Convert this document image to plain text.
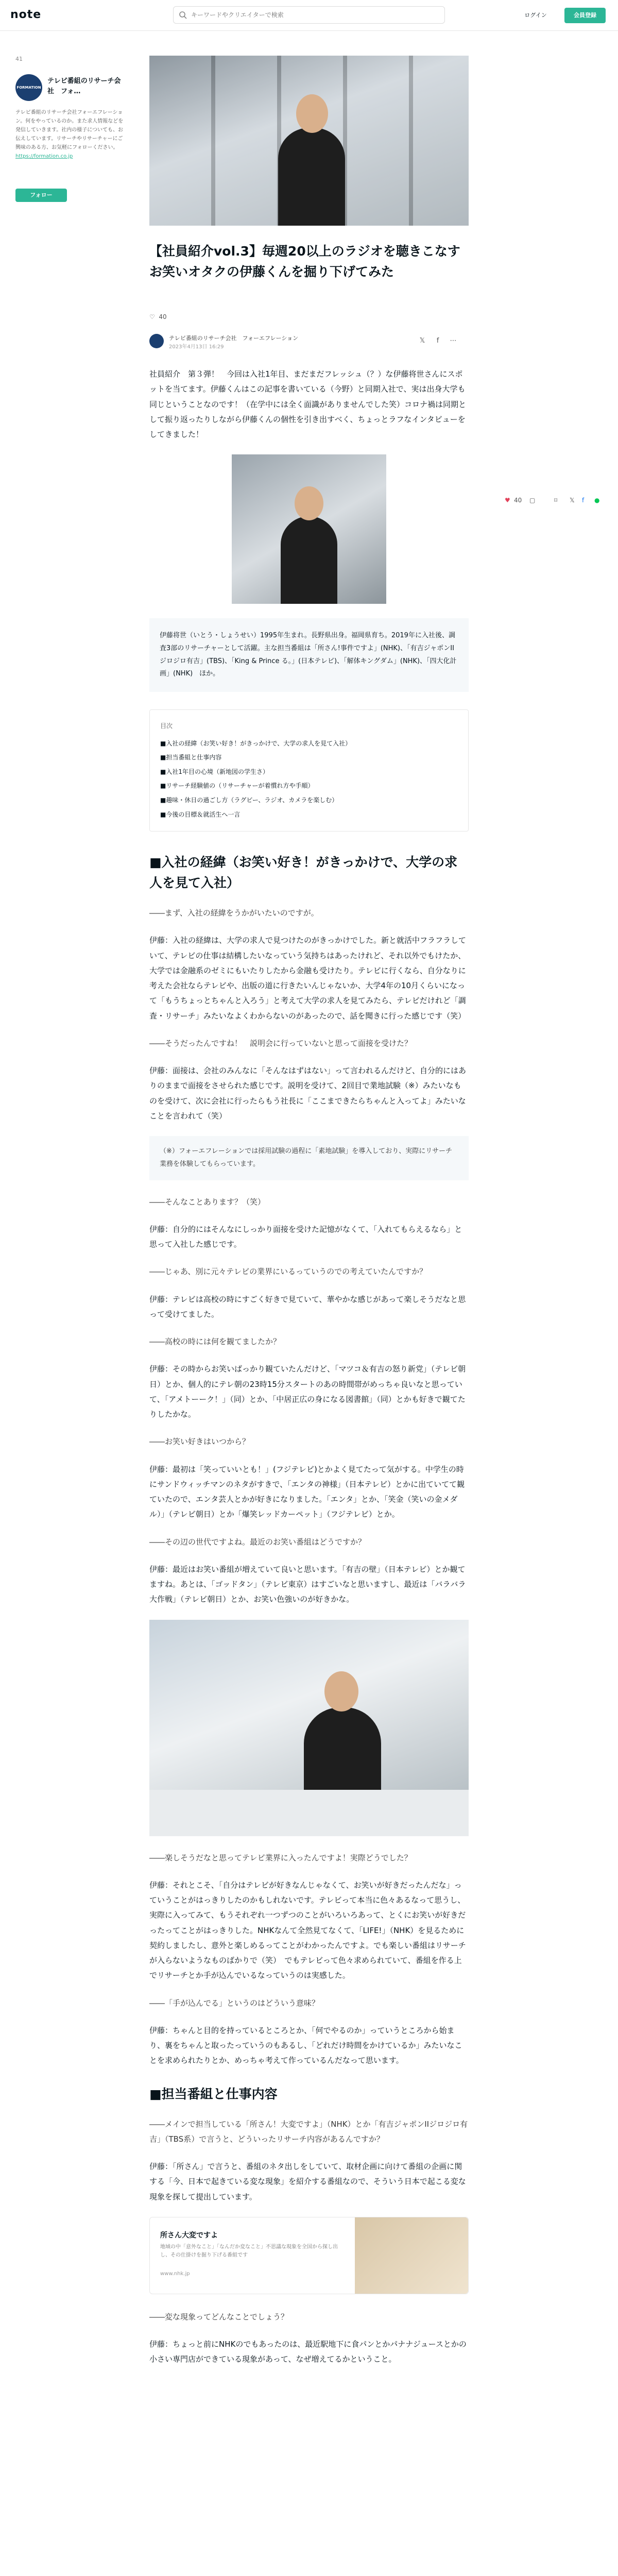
note
キーワードやクリエイターで検索	ログイン	会員登録
41
FORMATION
テレビ番組のリサーチ会社　フォ…
テレビ番組のリサーチ会社フォーエフレーション。何をやっているのか。また求人情報などを発信していきます。社内の様子についても、お伝えしています。リサーチやリサーチャーにご興味のある方、お気軽にフォローください。
https://formation.co.jp
フォロー
【社員紹介vol.3】毎週20以上のラジオを聴きこなすお笑いオタクの伊藤くんを掘り下げてみた
♡ 40
テレビ番組のリサーチ会社　フォーエフレーション
2023年4月13日 16:29
𝕏 f ⋯

社員紹介　第３弾！　今回は入社1年目、まだまだフレッシュ（？）な伊藤将世さんにスポットを当てます。伊藤くんはこの記事を書いている（今野）と同期入社で、実は出身大学も同じということなのです！（在学中には全く面識がありませんでした笑）コロナ禍は同期として振り返ったりしながら伊藤くんの個性を引き出すべく、ちょっとラフなインタビューをしてきました！

伊藤将世（いとう・しょうせい）1995年生まれ。長野県出身。福岡県育ち。2019年に入社後、調査3部のリサーチャーとして活躍。主な担当番組は「所さん!事件ですよ」(NHK)、「有吉ジャポンIIジロジロ有吉」(TBS)、「King & Prince る。」(日本テレビ)、「解体キングダム」(NHK)、「四大化計画」(NHK)　ほか。
目次
■入社の経緯（お笑い好き！がきっかけで、大学の求人を見て入社）
■担当番組と仕事内容
■入社1年目の心境（新地図の学生さ）
■リサーチ経験値の（リサーチャーが着慣れ方や手順）
■趣味・休日の過ごし方（ラグビー、ラジオ、カメラを楽しむ）
■今後の目標＆就活生へ一言
■入社の経緯（お笑い好き！がきっかけで、大学の求人を見て入社）

――まず、入社の経緯をうかがいたいのですが。

伊藤：入社の経緯は、大学の求人で見つけたのがきっかけでした。新と就活中フラフラしていて、テレビの仕事は結構したいなっていう気持ちはあったけれど、それ以外でもけたか、大学では金融系のゼミにもいたりしたから金融も受けたり。テレビに行くなら、自分なりに考えた会社ならテレビや、出版の道に行きたいんじゃないか、大学4年の10月くらいになって「もうちょっとちゃんと入ろう」と考えて大学の求人を見てみたら、テレビだけれど「調査・リサーチ」みたいなよくわからないのがあったので、話を聞きに行った感じです（笑）

――そうだったんですね！　説明会に行っていないと思って面接を受けた？

伊藤：面接は、会社のみんなに「そんなはずはない」って言われるんだけど、自分的にはありのままで面接をさせられた感じです。説明を受けて、2回目で業地試験（※）みたいなものを受けて、次に会社に行ったらもう社長に「ここまできたらちゃんと入ってよ」みたいなことを言われて（笑）

（※）フォーエフレーションでは採用試験の過程に「素地試験」を導入しており、実際にリサーチ業務を体験してもらっています。

――そんなことあります？（笑）

伊藤：自分的にはそんなにしっかり面接を受けた記憶がなくて、「入れてもらえるなら」と思って入社した感じです。

――じゃあ、別に元々テレビの業界にいるっていうのでの考えていたんですか？

伊藤：テレビは高校の時にすごく好きで見ていて、華やかな感じがあって楽しそうだなと思って受けてました。

――高校の時には何を観てましたか？

伊藤：その時からお笑いばっかり観ていたんだけど、「マツコ＆有吉の怒り新党」（テレビ朝日）とか、個人的にテレ朝の23時15分スタートのあの時間帯がめっちゃ良いなと思っていて、「アメトーーク！」（同）とか、「中居正広の身になる図書館」（同）とかも好きで観てたりしたかな。

――お笑い好きはいつから？

伊藤：最初は「笑っていいとも！」(フジテレビ)とかよく見てたって気がする。中学生の時にサンドウィッチマンのネタがすきで、「エンタの神様」（日本テレビ）とかに出ていてて観ていたので、エンタ芸人とかが好きになりました。「エンタ」とか、「笑金（笑いの金メダル）」（テレビ朝日）とか「爆笑レッドカーペット」（フジテレビ）とか。

――その辺の世代ですよね。最近のお笑い番組はどうですか？

伊藤：最近はお笑い番組が増えていて良いと思います。「有吉の壁」（日本テレビ）とか観てますね。あとは、「ゴッドタン」（テレビ東京）はすごいなと思いますし、最近は「バラバラ大作戦」（テレビ朝日）とか、お笑い色強いのが好きかな。

――楽しそうだなと思ってテレビ業界に入ったんですよ！実際どうでした？

伊藤：それとこそ、「自分はテレビが好きなんじゃなくて、お笑いが好きだったんだな」っていうことがはっきりしたのかもしれないです。テレビって本当に色々あるなって思うし、実際に入ってみて、もうそれぞれ一つずつのことがいろいろあって、とくにお笑いが好きだったってことがはっきりした。NHKなんて全然見てなくて、「LIFE!」（NHK）を見るために契約しましたし、意外と楽しめるってことがわかったんですよ。でも楽しい番組はリサーチが入らないようなものばかりで（笑）　でもテレビって色々求められていて、番組を作る上でリサーチとか手が込んでいるなっていうのは実感した。

――「手が込んでる」というのはどういう意味？

伊藤：ちゃんと目的を持っているところとか、「何でやるのか」っていうところから始まり、裏をちゃんと取ったっていうのもあるし、「どれだけ時間をかけているか」みたいなことを求められたりとか、めっちゃ考えて作っているんだなって思います。

■担当番組と仕事内容

――メインで担当している「所さん！大変ですよ」（NHK）とか「有吉ジャポンIIジロジロ有吉」（TBS系）で言うと、どういったリサーチ内容があるんですか？

伊藤：「所さん」で言うと、番組のネタ出しをしていて、取材企画に向けて番組の企画に関する「今、日本で起きている変な現象」を紹介する番組なので、そういう日本で起こる変な現象を探して提出しています。

所さん大変ですよ
地域の中「意外なこと」「なんだか変なこと」不思議な現象を全国から探し出し、その仕掛けを掘り下げる番組です
www.nhk.jp

――変な現象ってどんなことでしょう？

伊藤：ちょっと前にNHKのでもあったのは、最近駅地下に食パンとかパナナジュースとかの小さい専門店ができている現象があって、なぜ増えてるかということ。

♥ 40 ▢	⌑ 𝕏 f ●
